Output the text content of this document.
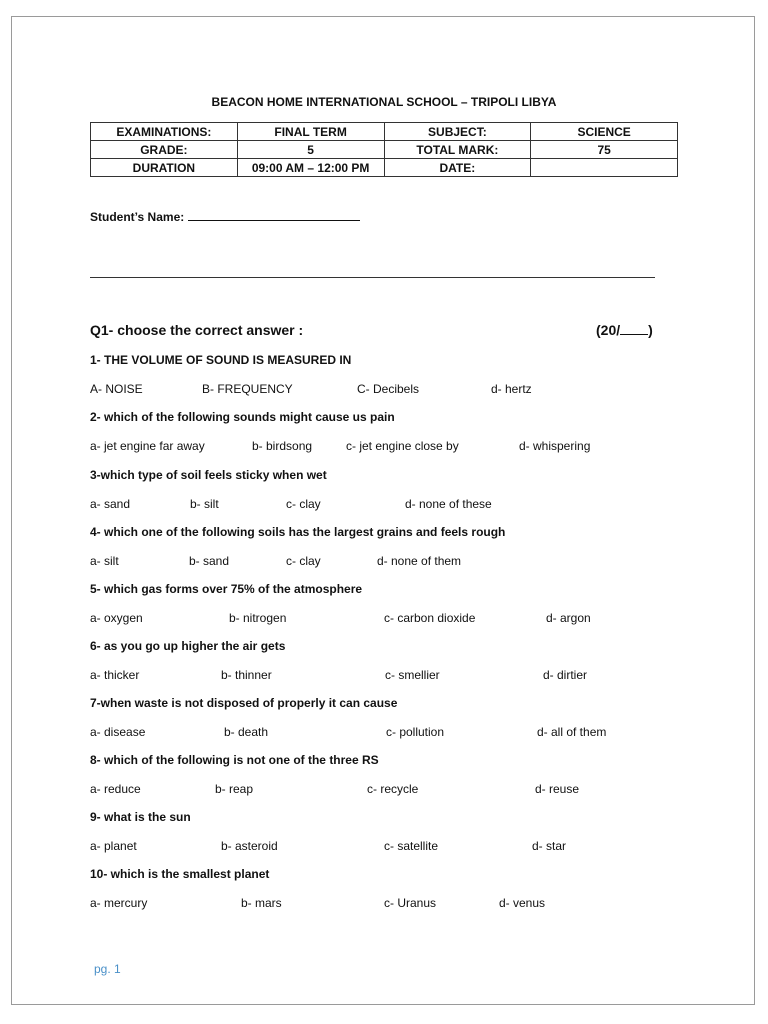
BEACON HOME INTERNATIONAL SCHOOL – TRIPOLI LIBYA
EXAMINATIONS:	FINAL TERM	SUBJECT:	SCIENCE
GRADE:	5	TOTAL MARK:	75
DURATION	09:00 AM – 12:00 PM	DATE:	
Student’s Name:
Q1- choose the correct answer :	(20/ )
1- THE VOLUME OF SOUND IS MEASURED IN
A- NOISE	B- FREQUENCY	C- Decibels	d- hertz
2- which of the following sounds might cause us pain
a- jet engine far away	b- birdsong	c- jet engine close by	d- whispering
3-which type of soil feels sticky when wet
a- sand	b- silt	c- clay	d- none of these
4- which one of the following soils has the largest grains and feels rough
a- silt	b- sand	c- clay	d- none of them
5- which gas forms over 75% of the atmosphere
a- oxygen	b- nitrogen	c- carbon dioxide	d- argon
6- as you go up higher the air gets
a- thicker	b- thinner	c- smellier	d- dirtier
7-when waste is not disposed of properly it can cause
a- disease	b- death	c- pollution	d- all of them
8- which of the following is not one of the three RS
a- reduce	b- reap	c- recycle	d- reuse
9- what is the sun
a- planet	b- asteroid	c- satellite	d- star
10- which is the smallest planet
a- mercury	b- mars	c- Uranus	d- venus
pg. 1
